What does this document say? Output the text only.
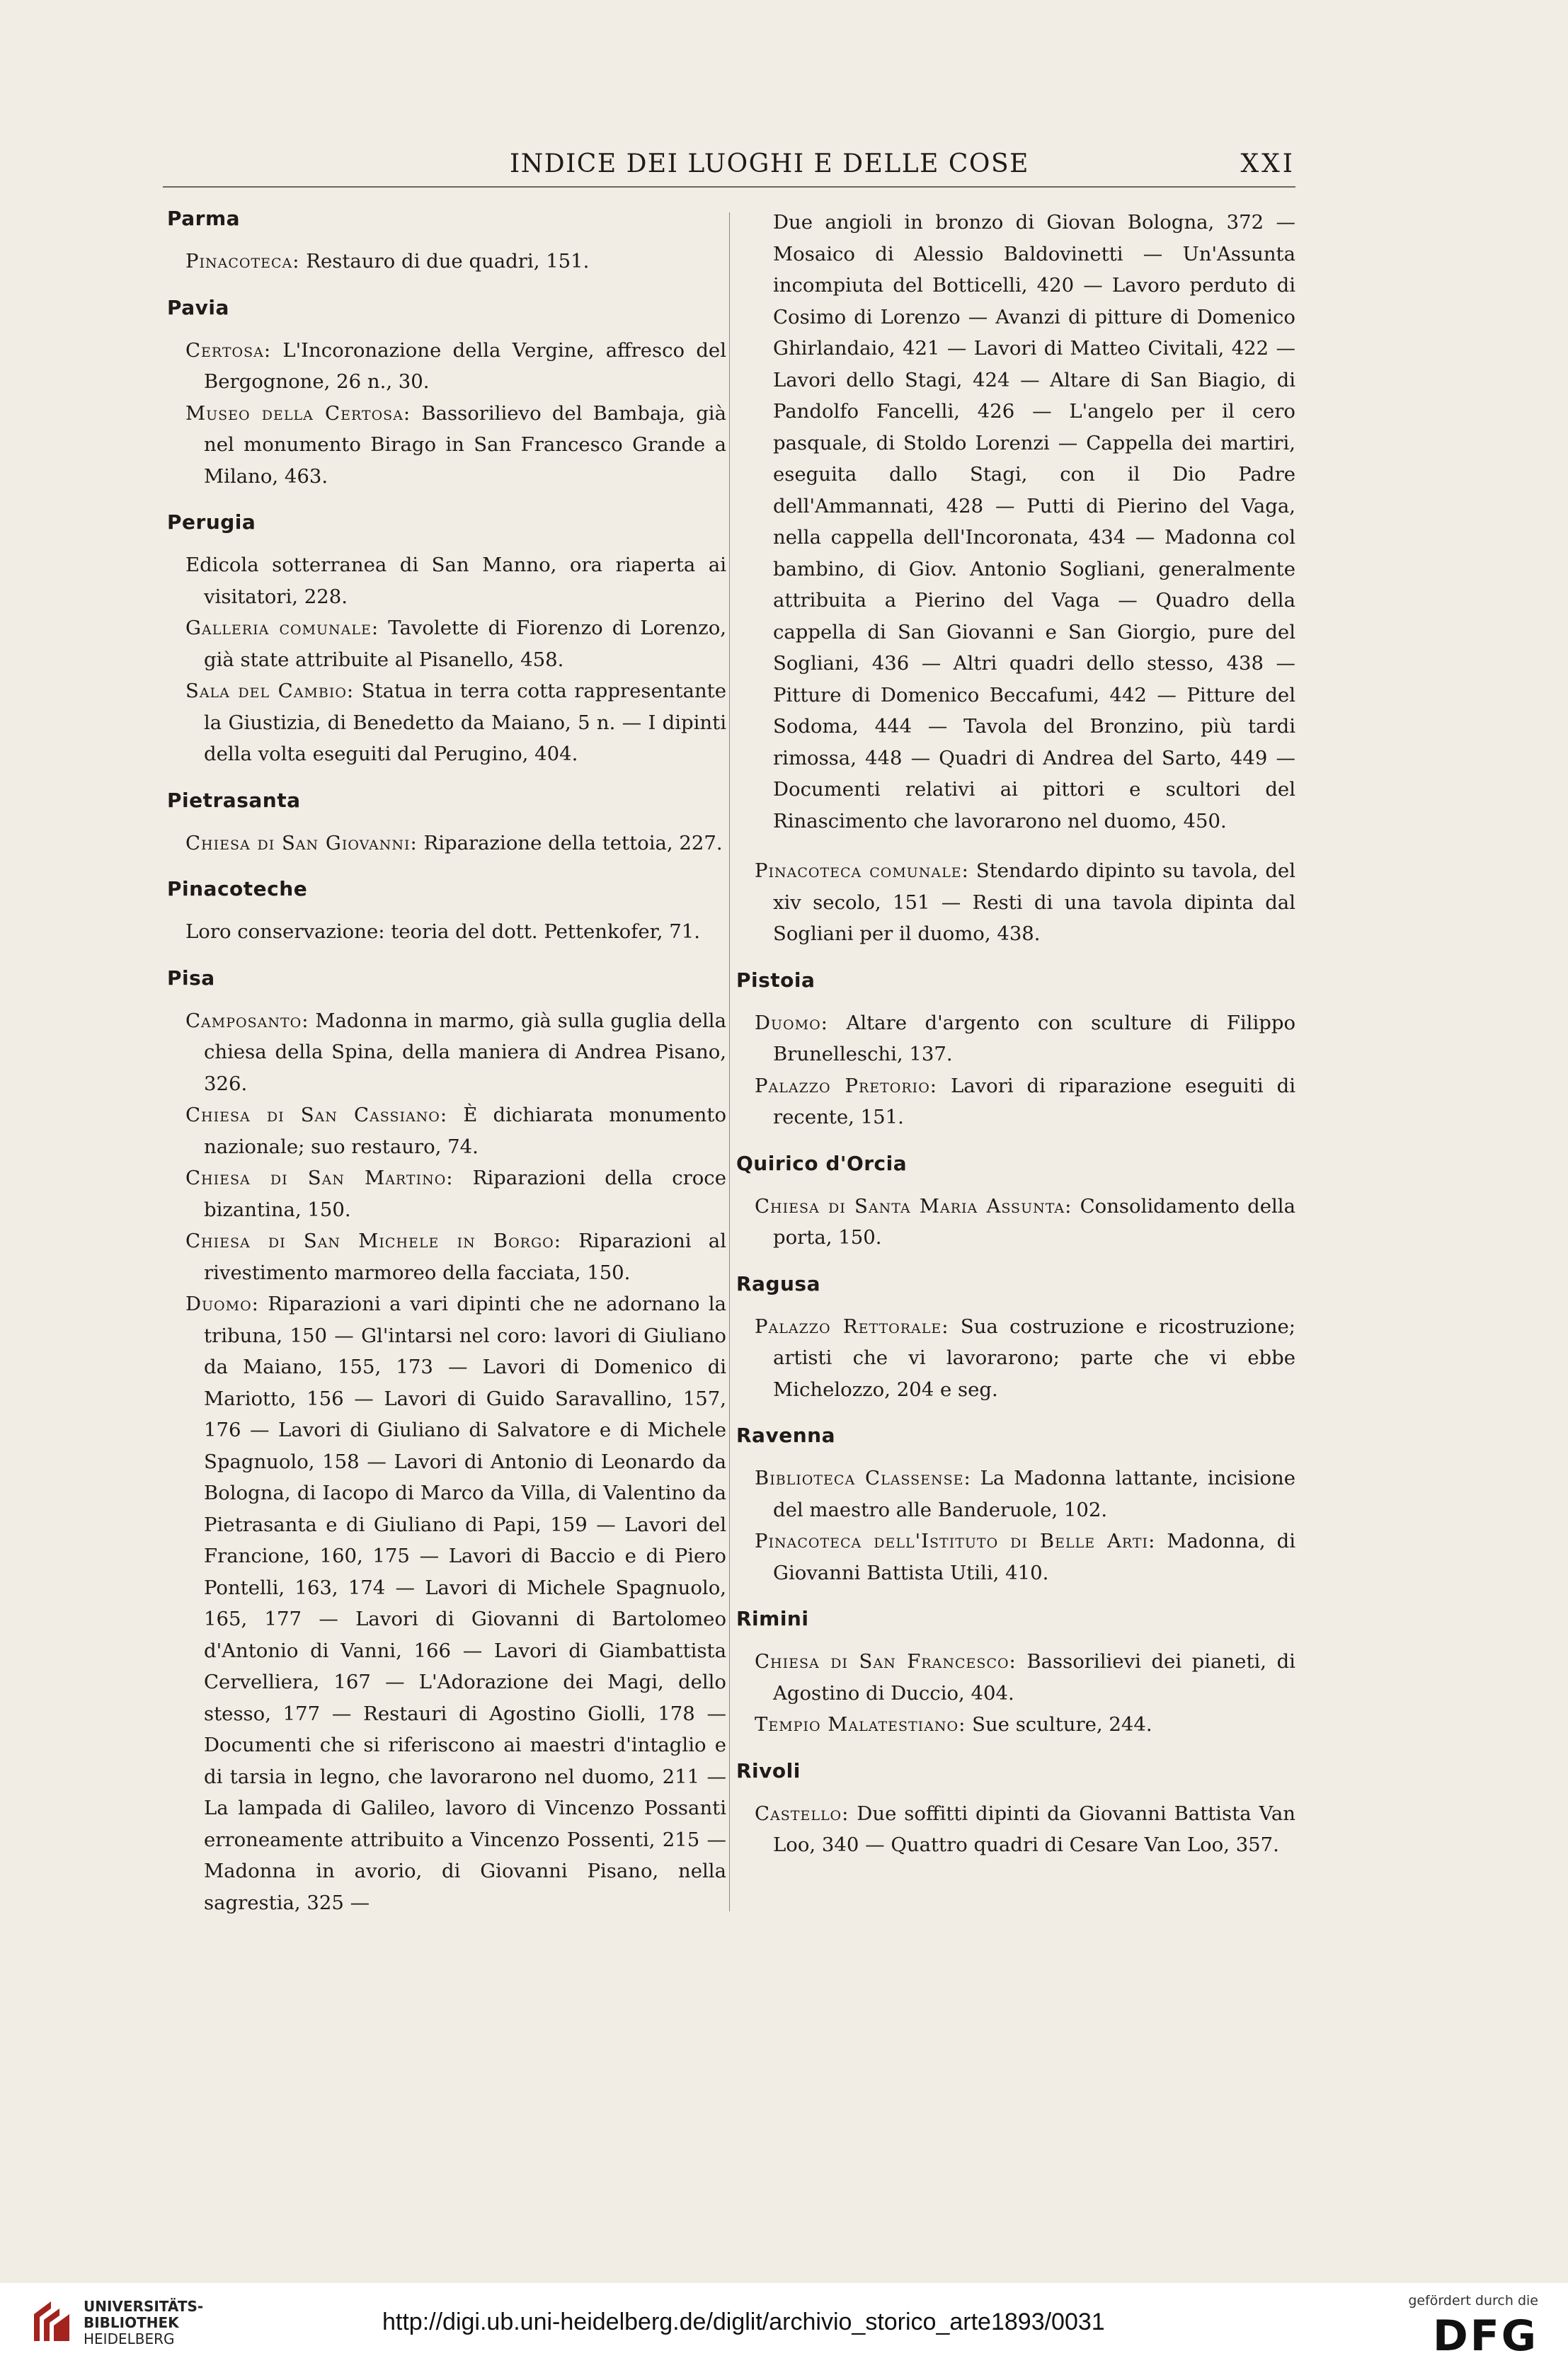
INDICE DEI LUOGHI E DELLE COSE	XXI
Parma

Pinacoteca: Restauro di due quadri, 151.

Pavia

Certosa: L'Incoronazione della Vergine, affresco del Bergognone, 26 n., 30.

Museo della Certosa: Bassorilievo del Bambaja, già nel monumento Birago in San Francesco Grande a Milano, 463.

Perugia

Edicola sotterranea di San Manno, ora riaperta ai visitatori, 228.

Galleria comunale: Tavolette di Fiorenzo di Lorenzo, già state attribuite al Pisanello, 458.

Sala del Cambio: Statua in terra cotta rappresentante la Giustizia, di Benedetto da Maiano, 5 n. — I dipinti della volta eseguiti dal Perugino, 404.

Pietrasanta

Chiesa di San Giovanni: Riparazione della tettoia, 227.

Pinacoteche

Loro conservazione: teoria del dott. Pettenkofer, 71.

Pisa

Camposanto: Madonna in marmo, già sulla guglia della chiesa della Spina, della maniera di Andrea Pisano, 326.

Chiesa di San Cassiano: È dichiarata monumento nazionale; suo restauro, 74.

Chiesa di San Martino: Riparazioni della croce bizantina, 150.

Chiesa di San Michele in Borgo: Riparazioni al rivestimento marmoreo della facciata, 150.

Duomo: Riparazioni a vari dipinti che ne adornano la tribuna, 150 — Gl'intarsi nel coro: lavori di Giuliano da Maiano, 155, 173 — Lavori di Domenico di Mariotto, 156 — Lavori di Guido Saravallino, 157, 176 — Lavori di Giuliano di Salvatore e di Michele Spagnuolo, 158 — Lavori di Antonio di Leonardo da Bologna, di Iacopo di Marco da Villa, di Valentino da Pietrasanta e di Giuliano di Papi, 159 — Lavori del Francione, 160, 175 — Lavori di Baccio e di Piero Pontelli, 163, 174 — Lavori di Michele Spagnuolo, 165, 177 — Lavori di Giovanni di Bartolomeo d'Antonio di Vanni, 166 — Lavori di Giambattista Cervelliera, 167 — L'Adorazione dei Magi, dello stesso, 177 — Restauri di Agostino Giolli, 178 — Documenti che si riferiscono ai maestri d'intaglio e di tarsia in legno, che lavorarono nel duomo, 211 — La lampada di Galileo, lavoro di Vincenzo Possanti erroneamente attribuito a Vincenzo Possenti, 215 — Madonna in avorio, di Giovanni Pisano, nella sagrestia, 325 —

Due angioli in bronzo di Giovan Bologna, 372 — Mosaico di Alessio Baldovinetti — Un'Assunta incompiuta del Botticelli, 420 — Lavoro perduto di Cosimo di Lorenzo — Avanzi di pitture di Domenico Ghirlandaio, 421 — Lavori di Matteo Civitali, 422 — Lavori dello Stagi, 424 — Altare di San Biagio, di Pandolfo Fancelli, 426 — L'angelo per il cero pasquale, di Stoldo Lorenzi — Cappella dei martiri, eseguita dallo Stagi, con il Dio Padre dell'Ammannati, 428 — Putti di Pierino del Vaga, nella cappella dell'Incoronata, 434 — Madonna col bambino, di Giov. Antonio Sogliani, generalmente attribuita a Pierino del Vaga — Quadro della cappella di San Giovanni e San Giorgio, pure del Sogliani, 436 — Altri quadri dello stesso, 438 — Pitture di Domenico Beccafumi, 442 — Pitture del Sodoma, 444 — Tavola del Bronzino, più tardi rimossa, 448 — Quadri di Andrea del Sarto, 449 — Documenti relativi ai pittori e scultori del Rinascimento che lavorarono nel duomo, 450.

Pinacoteca comunale: Stendardo dipinto su tavola, del xiv secolo, 151 — Resti di una tavola dipinta dal Sogliani per il duomo, 438.

Pistoia

Duomo: Altare d'argento con sculture di Filippo Brunelleschi, 137.

Palazzo Pretorio: Lavori di riparazione eseguiti di recente, 151.

Quirico d'Orcia

Chiesa di Santa Maria Assunta: Consolidamento della porta, 150.

Ragusa

Palazzo Rettorale: Sua costruzione e ricostruzione; artisti che vi lavorarono; parte che vi ebbe Michelozzo, 204 e seg.

Ravenna

Biblioteca Classense: La Madonna lattante, incisione del maestro alle Banderuole, 102.

Pinacoteca dell'Istituto di Belle Arti: Madonna, di Giovanni Battista Utili, 410.

Rimini

Chiesa di San Francesco: Bassorilievi dei pianeti, di Agostino di Duccio, 404.

Tempio Malatestiano: Sue sculture, 244.

Rivoli

Castello: Due soffitti dipinti da Giovanni Battista Van Loo, 340 — Quattro quadri di Cesare Van Loo, 357.

UNIVERSITÄTS-
BIBLIOTHEK
HEIDELBERG
http://digi.ub.uni-heidelberg.de/diglit/archivio_storico_arte1893/0031
gefördert durch die
DFG
